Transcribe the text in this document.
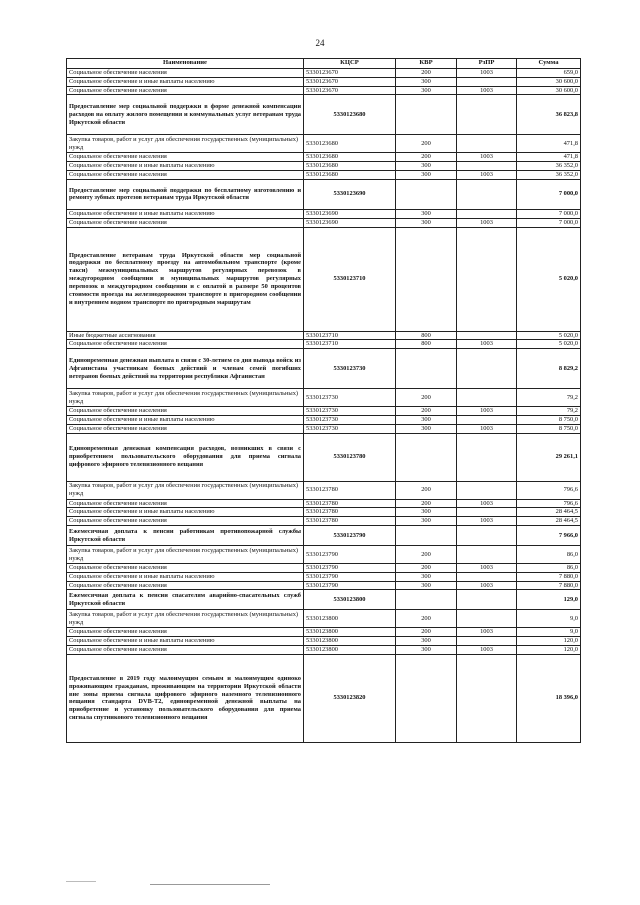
24
Наименование	КЦСР	КВР	РзПР	Сумма
Социальное обеспечение населения	5330123670	200	1003	659,0
Социальное обеспечение и иные выплаты населению	5330123670	300		30 600,0
Социальное обеспечение населения	5330123670	300	1003	30 600,0
Предоставление мер социальной поддержки в форме денежной компенсации расходов на оплату жилого помещения и коммунальных услуг ветеранам труда Иркутской области	5330123680			36 823,8
Закупка товаров, работ и услуг для обеспечения государственных (муниципальных) нужд	5330123680	200		471,8
Социальное обеспечение населения	5330123680	200	1003	471,8
Социальное обеспечение и иные выплаты населению	5330123680	300		36 352,0
Социальное обеспечение населения	5330123680	300	1003	36 352,0
Предоставление мер социальной поддержки по бесплатному изготовлению и ремонту зубных протезов ветеранам труда Иркутской области	5330123690			7 000,0
Социальное обеспечение и иные выплаты населению	5330123690	300		7 000,0
Социальное обеспечение населения	5330123690	300	1003	7 000,0
Предоставление ветеранам труда Иркутской области мер социальной поддержки по бесплатному проезду на автомобильном транспорте (кроме такси) межмуниципальных маршрутов регулярных перевозок в междугородном сообщении и муниципальных маршрутов регулярных перевозок в междугородном сообщении и с оплатой в размере 50 процентов стоимости проезда на железнодорожном транспорте в пригородном сообщении и внутреннем водном транспорте по пригородным маршрутам	5330123710			5 020,0
Иные бюджетные ассигнования	5330123710	800		5 020,0
Социальное обеспечение населения	5330123710	800	1003	5 020,0
Единовременная денежная выплата в связи с 30-летием со дня вывода войск из Афганистана участникам боевых действий и членам семей погибших ветеранов боевых действий на территории республики Афганистан	5330123730			8 829,2
Закупка товаров, работ и услуг для обеспечения государственных (муниципальных) нужд	5330123730	200		79,2
Социальное обеспечение населения	5330123730	200	1003	79,2
Социальное обеспечение и иные выплаты населению	5330123730	300		8 750,0
Социальное обеспечение населения	5330123730	300	1003	8 750,0
Единовременная денежная компенсация расходов, возникших в связи с приобретением пользовательского оборудования для приема сигнала цифрового эфирного телевизионного вещания	5330123780			29 261,1
Закупка товаров, работ и услуг для обеспечения государственных (муниципальных) нужд	5330123780	200		796,6
Социальное обеспечение населения	5330123780	200	1003	796,6
Социальное обеспечение и иные выплаты населению	5330123780	300		28 464,5
Социальное обеспечение населения	5330123780	300	1003	28 464,5
Ежемесячная доплата к пенсии работникам противопожарной службы Иркутской области	5330123790			7 966,0
Закупка товаров, работ и услуг для обеспечения государственных (муниципальных) нужд	5330123790	200		86,0
Социальное обеспечение населения	5330123790	200	1003	86,0
Социальное обеспечение и иные выплаты населению	5330123790	300		7 880,0
Социальное обеспечение населения	5330123790	300	1003	7 880,0
Ежемесячная доплата к пенсии спасателям аварийно-спасательных служб Иркутской области	5330123800			129,0
Закупка товаров, работ и услуг для обеспечения государственных (муниципальных) нужд	5330123800	200		9,0
Социальное обеспечение населения	5330123800	200	1003	9,0
Социальное обеспечение и иные выплаты населению	5330123800	300		120,0
Социальное обеспечение населения	5330123800	300	1003	120,0
Предоставление в 2019 году малоимущим семьям и малоимущим одиноко проживающим гражданам, проживающим на территории Иркутской области вне зоны приема сигнала цифрового эфирного наземного телевизионного вещания стандарта DVB-T2, единовременной денежной выплаты на приобретение и установку пользовательского оборудования для приема сигнала спутникового телевизионного вещания	5330123820			18 396,0
